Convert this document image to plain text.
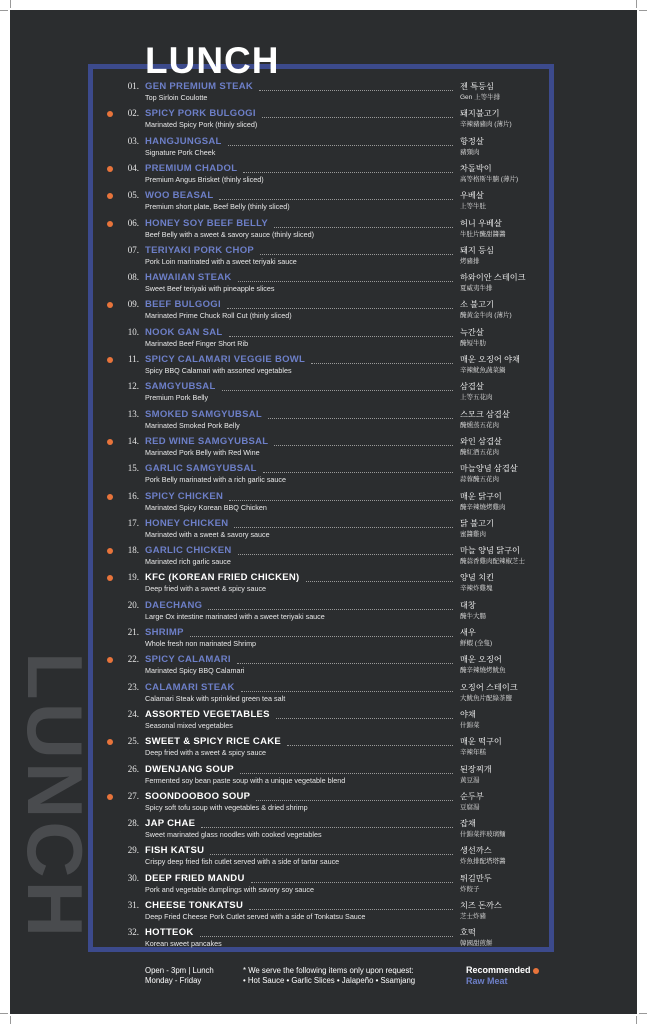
LUNCH
LUNCH
01. GEN PREMIUM STEAK
Top Sirloin Coulotte
젠 특등심
Gen 上等牛排
02. SPICY PORK BULGOGI
Marinated Spicy Pork (thinly sliced)
돼지불고기
辛辣豬豬肉 (薄片)
03. HANGJUNGSAL
Signature Pork Cheek
항정살
豬頸肉
04. PREMIUM CHADOL
Premium Angus Brisket (thinly sliced)
차돌박이
高等格斯牛腩 (薄片)
05. WOO BEASAL
Premium short plate, Beef Belly (thinly sliced)
우베살
上等牛肚
06. HONEY SOY BEEF BELLY
Beef Belly with a sweet & savory sauce (thinly sliced)
허니 우베살
牛肚片醃甜醬醬
07. TERIYAKI PORK CHOP
Pork Loin marinated with a sweet teriyaki sauce
돼지 등심
烤豬排
08. HAWAIIAN STEAK
Sweet Beef teriyaki with pineapple slices
하와이안 스테이크
夏威夷牛排
09. BEEF BULGOGI
Marinated Prime Chuck Roll Cut (thinly sliced)
소 불고기
醃黃金牛肉 (薄片)
10. NOOK GAN SAL
Marinated Beef Finger Short Rib
늑간살
醃短牛肋
11. SPICY CALAMARI VEGGIE BOWL
Spicy BBQ Calamari with assorted vegetables
매운 오징어 야채
辛辣魷魚蔬菜鍋
12. SAMGYUBSAL
Premium Pork Belly
삼겹살
上等五花肉
13. SMOKED SAMGYUBSAL
Marinated Smoked Pork Belly
스모크 삼겹살
醃燻蒸五花肉
14. RED WINE SAMGYUBSAL
Marinated Pork Belly with Red Wine
와인 삼겹살
醃紅酒五花肉
15. GARLIC SAMGYUBSAL
Pork Belly marinated with a rich garlic sauce
마늘양념 삼겹살
蒜蓉醃五花肉
16. SPICY CHICKEN
Marinated Spicy Korean BBQ Chicken
매운 닭구이
醃辛辣燒烤雞肉
17. HONEY CHICKEN
Marinated with a sweet & savory sauce
닭 불고기
蜜醬雞肉
18. GARLIC CHICKEN
Marinated rich garlic sauce
마늘 양념 닭구이
醃蒜香雞肉配辣椒芝士
19. KFC (KOREAN FRIED CHICKEN)
Deep fried with a sweet & spicy sauce
양념 치킨
辛辣炸雞塊
20. DAECHANG
Large Ox intestine marinated with a sweet teriyaki sauce
대창
醃牛大腸
21. SHRIMP
Whole fresh non marinated Shrimp
새우
鮮蝦 (全隻)
22. SPICY CALAMARI
Marinated Spicy BBQ Calamari
매운 오징어
醃辛辣燒烤魷魚
23. CALAMARI STEAK
Calamari Steak with sprinkled green tea salt
오징어 스테이크
大魷魚片配綠茶鹽
24. ASSORTED VEGETABLES
Seasonal mixed vegetables
야채
什錦菜
25. SWEET & SPICY RICE CAKE
Deep fried with a sweet & spicy sauce
매운 떡구이
辛辣年糕
26. DWENJANG SOUP
Fermented soy bean paste soup with a unique vegetable blend
된장찌개
黃豆湯
27. SOONDOOBOO SOUP
Spicy soft tofu soup with vegetables & dried shrimp
순두부
豆腐湯
28. JAP CHAE
Sweet marinated glass noodles with cooked vegetables
잡채
什錦菜拌玻璃麵
29. FISH KATSU
Crispy deep fried fish cutlet served with a side of tartar sauce
생선까스
炸魚排配塔塔醬
30. DEEP FRIED MANDU
Pork and vegetable dumplings with savory soy sauce
튀김만두
炸餃子
31. CHEESE TONKATSU
Deep Fried Cheese Pork Cutlet served with a side of Tonkatsu Sauce
치즈 돈까스
芝士炸豬
32. HOTTEOK
Korean sweet pancakes
호떡
韓國甜煎餅
Open - 3pm | Lunch
Monday - Friday
* We serve the following items only upon request:
• Hot Sauce • Garlic Slices • Jalapeño • Ssamjang
Recommended
Raw Meat
